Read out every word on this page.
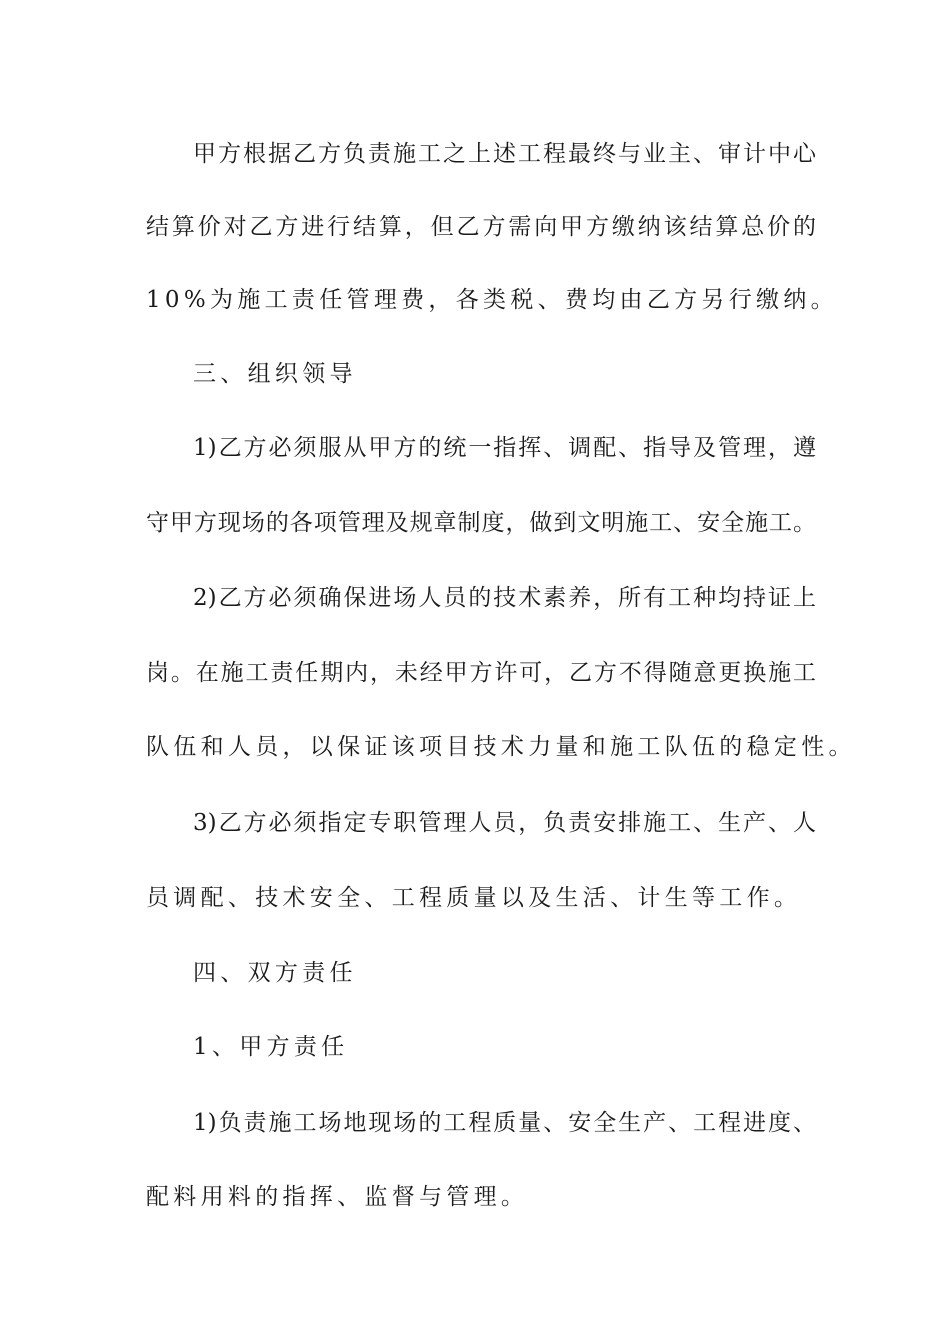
甲方根据乙方负责施工之上述工程最终与业主、审计中心
结算价对乙方进行结算，但乙方需向甲方缴纳该结算总价的
10%为施工责任管理费，各类税、费均由乙方另行缴纳。
三、组织领导
1)乙方必须服从甲方的统一指挥、调配、指导及管理，遵
守甲方现场的各项管理及规章制度，做到文明施工、安全施工。
2)乙方必须确保进场人员的技术素养，所有工种均持证上
岗。在施工责任期内，未经甲方许可，乙方不得随意更换施工
队伍和人员，以保证该项目技术力量和施工队伍的稳定性。
3)乙方必须指定专职管理人员，负责安排施工、生产、人
员调配、技术安全、工程质量以及生活、计生等工作。
四、双方责任
1、甲方责任
1)负责施工场地现场的工程质量、安全生产、工程进度、
配料用料的指挥、监督与管理。
